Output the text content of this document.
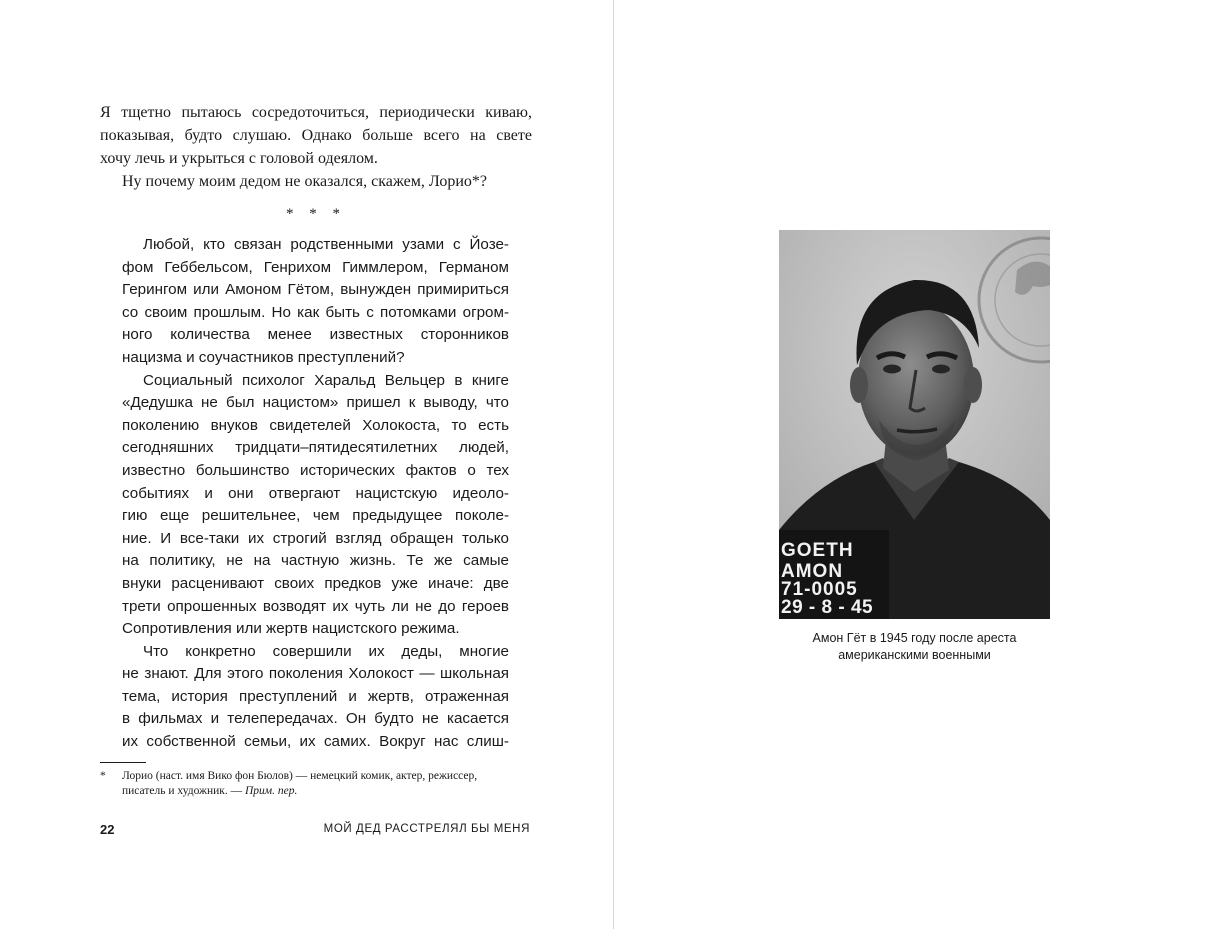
Я тщетно пытаюсь сосредоточиться, периодически киваю,
показывая, будто слушаю. Однако больше всего на свете
хочу лечь и укрыться с головой одеялом.
Ну почему моим дедом не оказался, скажем, Лорио*?
* * *
Любой, кто связан родственными узами с Йозе-
фом Геббельсом, Генрихом Гиммлером, Германом
Герингом или Амоном Гётом, вынужден примириться
со своим прошлым. Но как быть с потомками огром-
ного количества менее известных сторонников
нацизма и соучастников преступлений?
Социальный психолог Харальд Вельцер в книге
«Дедушка не был нацистом» пришел к выводу, что
поколению внуков свидетелей Холокоста, то есть
сегодняшних тридцати–пятидесятилетних людей,
известно большинство исторических фактов о тех
событиях и они отвергают нацистскую идеоло-
гию еще решительнее, чем предыдущее поколе-
ние. И все-таки их строгий взгляд обращен только
на политику, не на частную жизнь. Те же самые
внуки расценивают своих предков уже иначе: две
трети опрошенных возводят их чуть ли не до героев
Сопротивления или жертв нацистского режима.
Что конкретно совершили их деды, многие
не знают. Для этого поколения Холокост — школьная
тема, история преступлений и жертв, отраженная
в фильмах и телепередачах. Он будто не касается
их собственной семьи, их самих. Вокруг нас слиш-
* Лорио (наст. имя Вико фон Бюлов) — немецкий комик, актер, режиссер,
писатель и художник. — Прим. пер.
22	МОЙ ДЕД РАССТРЕЛЯЛ БЫ МЕНЯ
GOETH
AMON
71-0005
29 - 8 - 45
Амон Гёт в 1945 году после ареста
американскими военными
